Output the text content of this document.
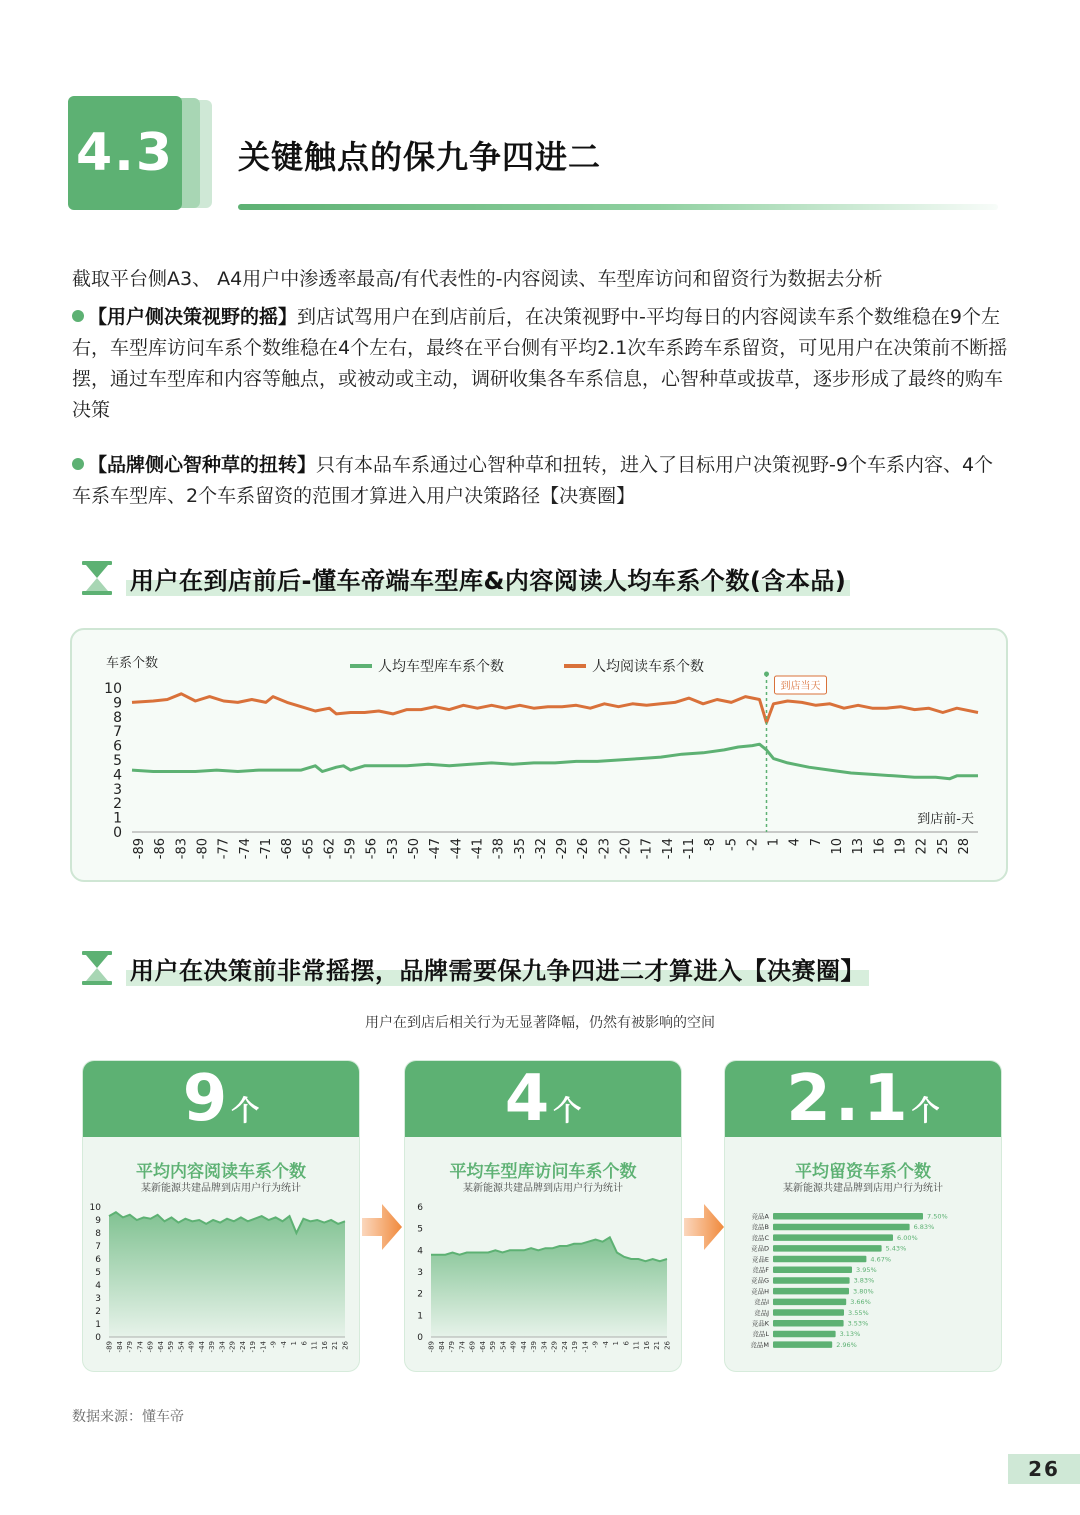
4.3 关键触点的保九争四进二
截取平台侧A3、 A4用户中渗透率最高/有代表性的-内容阅读、车型库访问和留资行为数据去分析
【用户侧决策视野的摇】到店试驾用户在到店前后，在决策视野中-平均每日的内容阅读车系个数维稳在9个左右，车型库访问车系个数维稳在4个左右，最终在平台侧有平均2.1次车系跨车系留资，可见用户在决策前不断摇摆，通过车型库和内容等触点，或被动或主动，调研收集各车系信息，心智种草或拔草，逐步形成了最终的购车决策
【品牌侧心智种草的扭转】只有本品车系通过心智种草和扭转，进入了目标用户决策视野-9个车系内容、4个车系车型库、2个车系留资的范围才算进入用户决策路径【决赛圈】
用户在到店前后-懂车帝端车型库&内容阅读人均车系个数(含本品)
车系个数	人均车型库车系个数	人均阅读车系个数
到店前-天
0
1
2
3
4
5
6
7
8
9
10
-89 -86 -83 -80 -77 -74 -71 -68 -65 -62 -59 -56 -53 -50 -47 -44 -41 -38 -35 -32 -29 -26 -23 -20 -17 -14 -11 -8 -5 -2 1 4 7 10 13 16 19 22 25 28
到店当天
用户在决策前非常摇摆，品牌需要保九争四进二才算进入【决赛圈】
用户在到店后相关行为无显著降幅，仍然有被影响的空间
9个
平均内容阅读车系个数
某新能源共建品牌到店用户行为统计
0
1
2
3
4
5
6
7
8
9
10
-89 -84 -79 -74 -69 -64 -59 -54 -49 -44 -39 -34 -29 -24 -19 -14 -9 -4 1 6 11 16 21 26
4个
平均车型库访问车系个数
某新能源共建品牌到店用户行为统计
0
1
2
3
4
5
6
-89 -84 -79 -74 -69 -64 -59 -54 -49 -44 -39 -34 -29 -24 -19 -14 -9 -4 1 6 11 16 21 26
2.1个
平均留资车系个数
某新能源共建品牌到店用户行为统计
竞品A	7.50%
竞品B	6.83%
竞品C	6.00%
竞品D	5.43%
竞品E	4.67%
竞品F	3.95%
竞品G	3.83%
竞品H	3.80%
竞品I	3.66%
竞品J	3.55%
竞品K	3.53%
竞品L	3.13%
竞品M	2.96%
数据来源：懂车帝
26
